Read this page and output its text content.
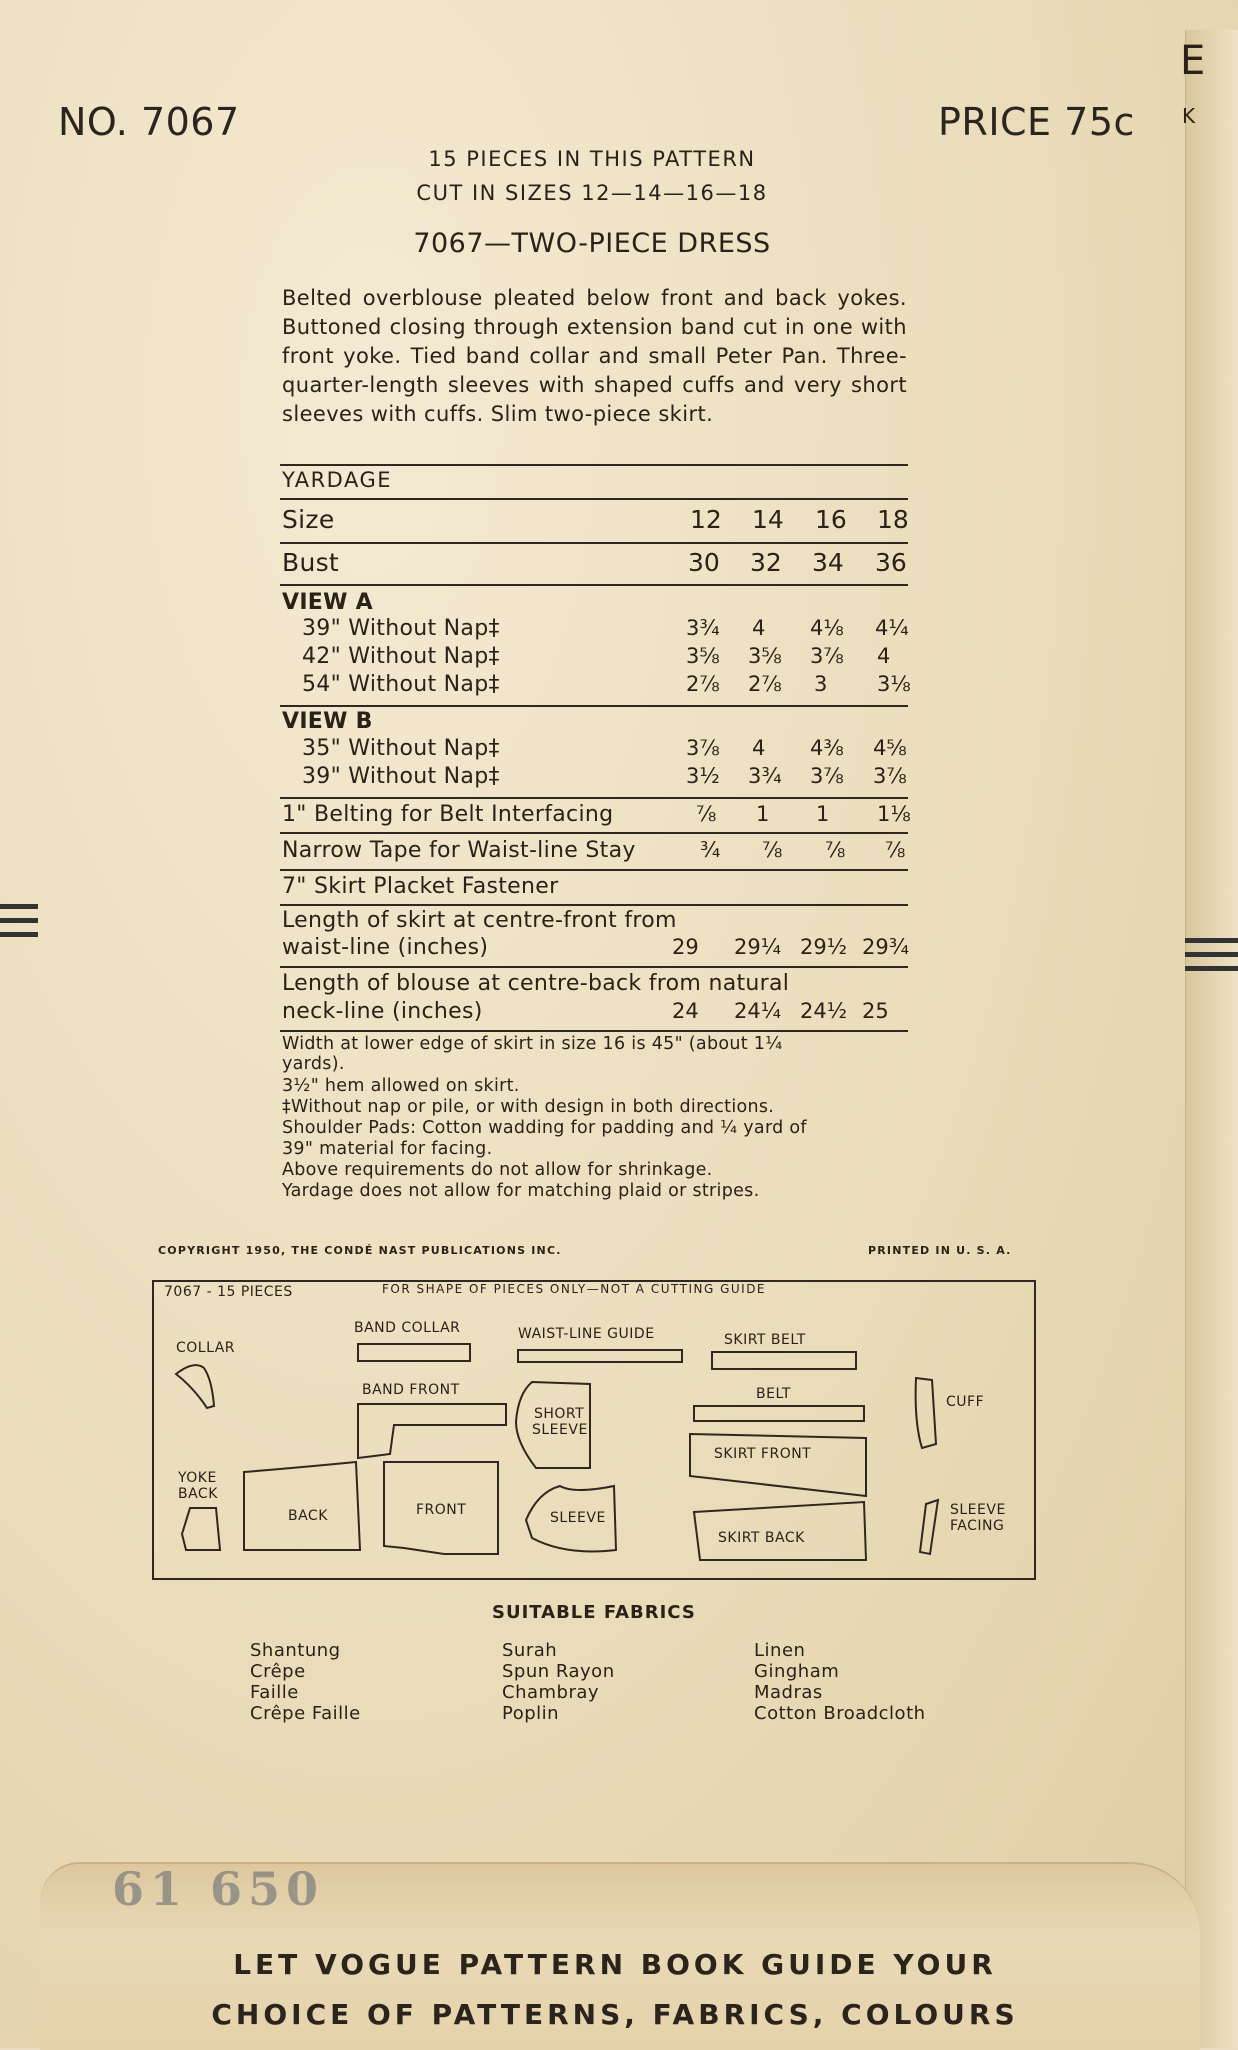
E
K
NO. 7067	PRICE 75c
15 PIECES IN THIS PATTERN
CUT IN SIZES 12—14—16—18
7067—TWO-PIECE DRESS
Belted overblouse pleated below front and back yokes. Buttoned closing through extension band cut in one with front yoke. Tied band collar and small Peter Pan. Three-quarter-length sleeves with shaped cuffs and very short sleeves with cuffs. Slim two-piece skirt.
YARDAGE
Size	12 14 16 18
Bust	30 32 34 36
VIEW A
39" Without Nap‡	3¾ 4 4⅛ 4¼
42" Without Nap‡	3⅝ 3⅝ 3⅞ 4
54" Without Nap‡	2⅞ 2⅞ 3 3⅛
VIEW B
35" Without Nap‡	3⅞ 4 4⅜ 4⅝
39" Without Nap‡	3½ 3¾ 3⅞ 3⅞
1" Belting for Belt Interfacing	⅞ 1 1 1⅛
Narrow Tape for Waist-line Stay	¾ ⅞ ⅞ ⅞
7" Skirt Placket Fastener
Length of skirt at centre-front from
waist-line (inches)	29 29¼ 29½ 29¾
Length of blouse at centre-back from natural
neck-line (inches)	24 24¼ 24½ 25
Width at lower edge of skirt in size 16 is 45" (about 1¼
yards).
3½" hem allowed on skirt.
‡Without nap or pile, or with design in both directions.
Shoulder Pads: Cotton wadding for padding and ¼ yard of
39" material for facing.
Above requirements do not allow for shrinkage.
Yardage does not allow for matching plaid or stripes.
COPYRIGHT 1950, THE CONDÉ NAST PUBLICATIONS INC.	PRINTED IN U. S. A.
7067 - 15 PIECES	FOR SHAPE OF PIECES ONLY—NOT A CUTTING GUIDE
COLLAR
BAND COLLAR	WAIST-LINE GUIDE	SKIRT BELT
BAND FRONT
SHORT
SLEEVE
BELT	CUFF
SKIRT FRONT
YOKE
BACK
BACK	FRONT	SLEEVE
SKIRT BACK
SLEEVE
FACING
SUITABLE FABRICS
Shantung
Crêpe
Faille
Crêpe Faille
Surah
Spun Rayon
Chambray
Poplin
Linen
Gingham
Madras
Cotton Broadcloth
61 650
LET VOGUE PATTERN BOOK GUIDE YOUR
CHOICE OF PATTERNS, FABRICS, COLOURS
